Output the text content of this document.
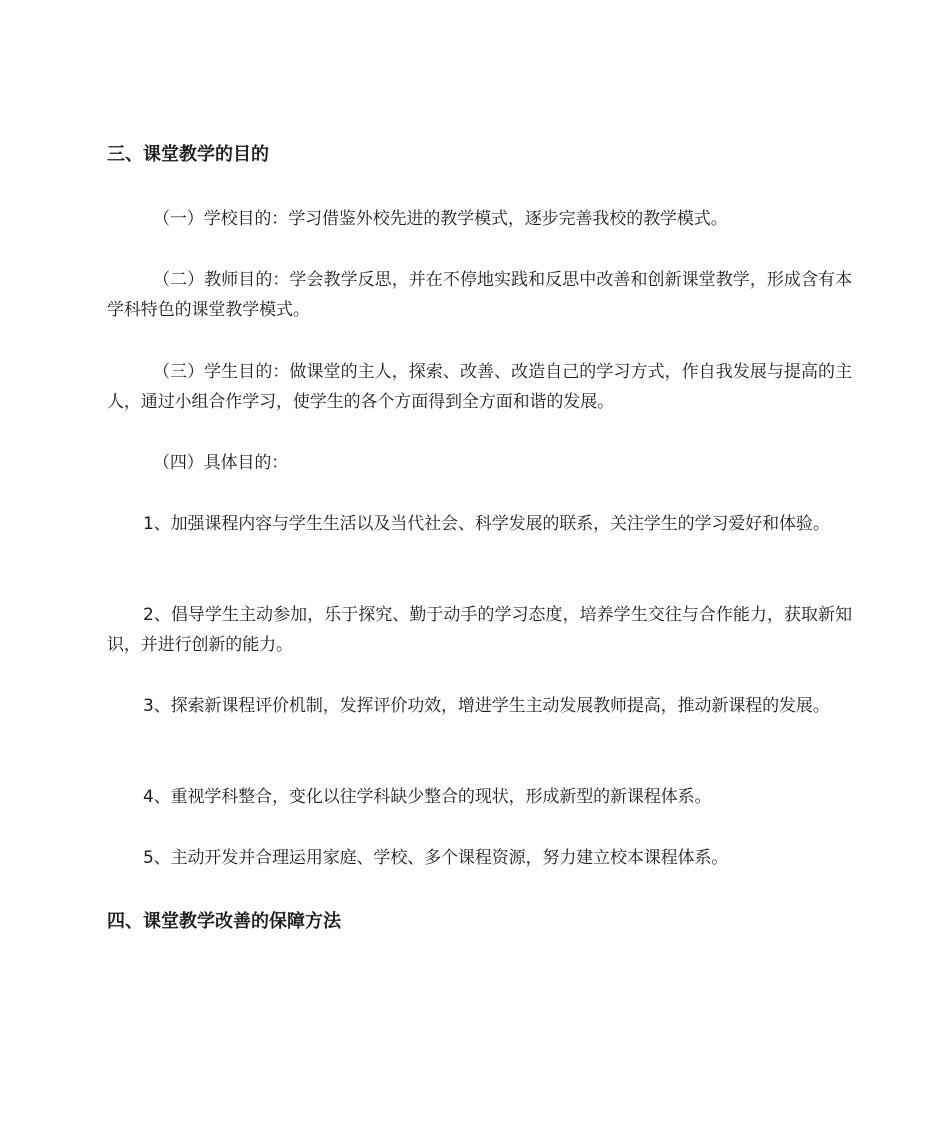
三、课堂教学的目的

（一）学校目的：学习借鉴外校先进的教学模式，逐步完善我校的教学模式。

（二）教师目的：学会教学反思，并在不停地实践和反思中改善和创新课堂教学，形成含有本学科特色的课堂教学模式。

（三）学生目的：做课堂的主人，探索、改善、改造自己的学习方式，作自我发展与提高的主人，通过小组合作学习，使学生的各个方面得到全方面和谐的发展。

（四）具体目的：

1、加强课程内容与学生生活以及当代社会、科学发展的联系，关注学生的学习爱好和体验。

2、倡导学生主动参加，乐于探究、勤于动手的学习态度，培养学生交往与合作能力，获取新知识，并进行创新的能力。

3、探索新课程评价机制，发挥评价功效，增进学生主动发展教师提高，推动新课程的发展。

4、重视学科整合，变化以往学科缺少整合的现状，形成新型的新课程体系。

5、主动开发并合理运用家庭、学校、多个课程资源，努力建立校本课程体系。

四、课堂教学改善的保障方法
